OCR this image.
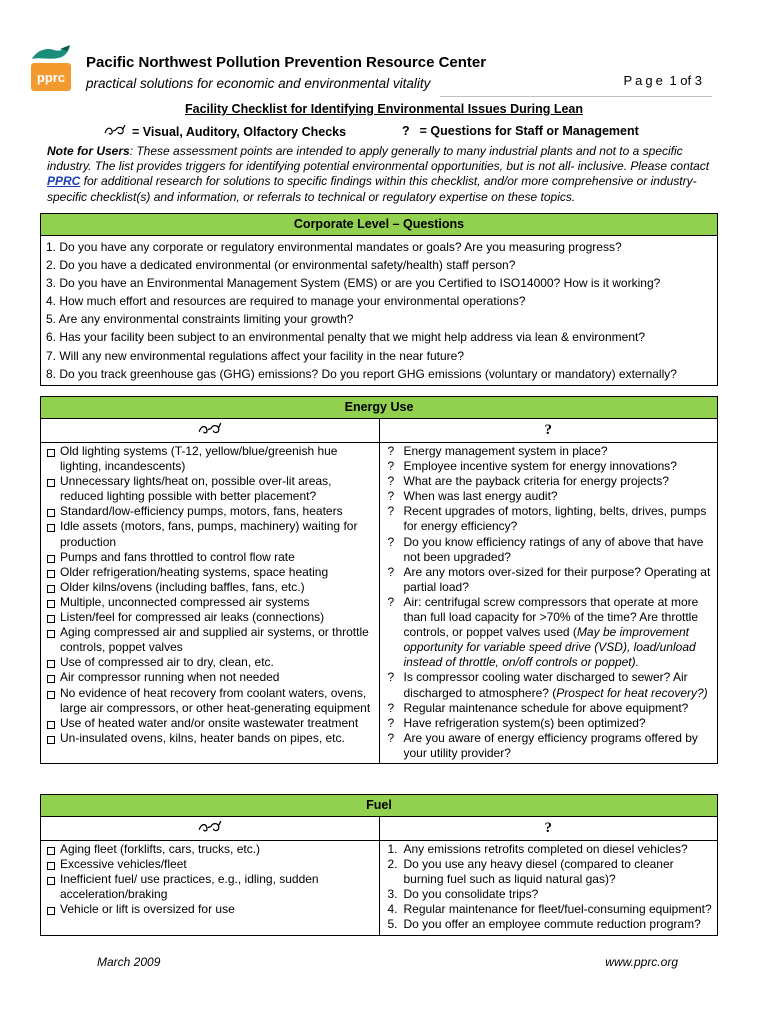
pprc
Pacific Northwest Pollution Prevention Resource Center
practical solutions for economic and environmental vitality	Page 1 of 3
Facility Checklist for Identifying Environmental Issues During Lean
= Visual, Auditory, Olfactory Checks	? = Questions for Staff or Management
Note for Users: These assessment points are intended to apply generally to many industrial plants and not to a specific industry. The list provides triggers for identifying potential environmental opportunities, but is not all- inclusive. Please contact PPRC for additional research for solutions to specific findings within this checklist, and/or more comprehensive or industry-specific checklist(s) and information, or referrals to technical or regulatory expertise on these topics.
Corporate Level – Questions
1. Do you have any corporate or regulatory environmental mandates or goals? Are you measuring progress?
2. Do you have a dedicated environmental (or environmental safety/health) staff person?
3. Do you have an Environmental Management System (EMS) or are you Certified to ISO14000? How is it working?
4. How much effort and resources are required to manage your environmental operations?
5. Are any environmental constraints limiting your growth?
6. Has your facility been subject to an environmental penalty that we might help address via lean & environment?
7. Will any new environmental regulations affect your facility in the near future?
8. Do you track greenhouse gas (GHG) emissions? Do you report GHG emissions (voluntary or mandatory) externally?
Energy Use
?
Old lighting systems (T-12, yellow/blue/greenish hue lighting, incandescents)
Unnecessary lights/heat on, possible over-lit areas, reduced lighting possible with better placement?
Standard/low-efficiency pumps, motors, fans, heaters
Idle assets (motors, fans, pumps, machinery) waiting for production
Pumps and fans throttled to control flow rate
Older refrigeration/heating systems, space heating
Older kilns/ovens (including baffles, fans, etc.)
Multiple, unconnected compressed air systems
Listen/feel for compressed air leaks (connections)
Aging compressed air and supplied air systems, or throttle controls, poppet valves
Use of compressed air to dry, clean, etc.
Air compressor running when not needed
No evidence of heat recovery from coolant waters, ovens, large air compressors, or other heat-generating equipment
Use of heated water and/or onsite wastewater treatment
Un-insulated ovens, kilns, heater bands on pipes, etc.
? Energy management system in place?
? Employee incentive system for energy innovations?
? What are the payback criteria for energy projects?
? When was last energy audit?
? Recent upgrades of motors, lighting, belts, drives, pumps for energy efficiency?
? Do you know efficiency ratings of any of above that have not been upgraded?
? Are any motors over-sized for their purpose? Operating at partial load?
? Air: centrifugal screw compressors that operate at more than full load capacity for >70% of the time? Are throttle controls, or poppet valves used (May be improvement opportunity for variable speed drive (VSD), load/unload instead of throttle, on/off controls or poppet).
? Is compressor cooling water discharged to sewer? Air discharged to atmosphere? (Prospect for heat recovery?)
? Regular maintenance schedule for above equipment?
? Have refrigeration system(s) been optimized?
? Are you aware of energy efficiency programs offered by your utility provider?
Fuel
?
Aging fleet (forklifts, cars, trucks, etc.)
Excessive vehicles/fleet
Inefficient fuel/ use practices, e.g., idling, sudden acceleration/braking
Vehicle or lift is oversized for use
1. Any emissions retrofits completed on diesel vehicles?
2. Do you use any heavy diesel (compared to cleaner burning fuel such as liquid natural gas)?
3. Do you consolidate trips?
4. Regular maintenance for fleet/fuel-consuming equipment?
5. Do you offer an employee commute reduction program?
March 2009	www.pprc.org
